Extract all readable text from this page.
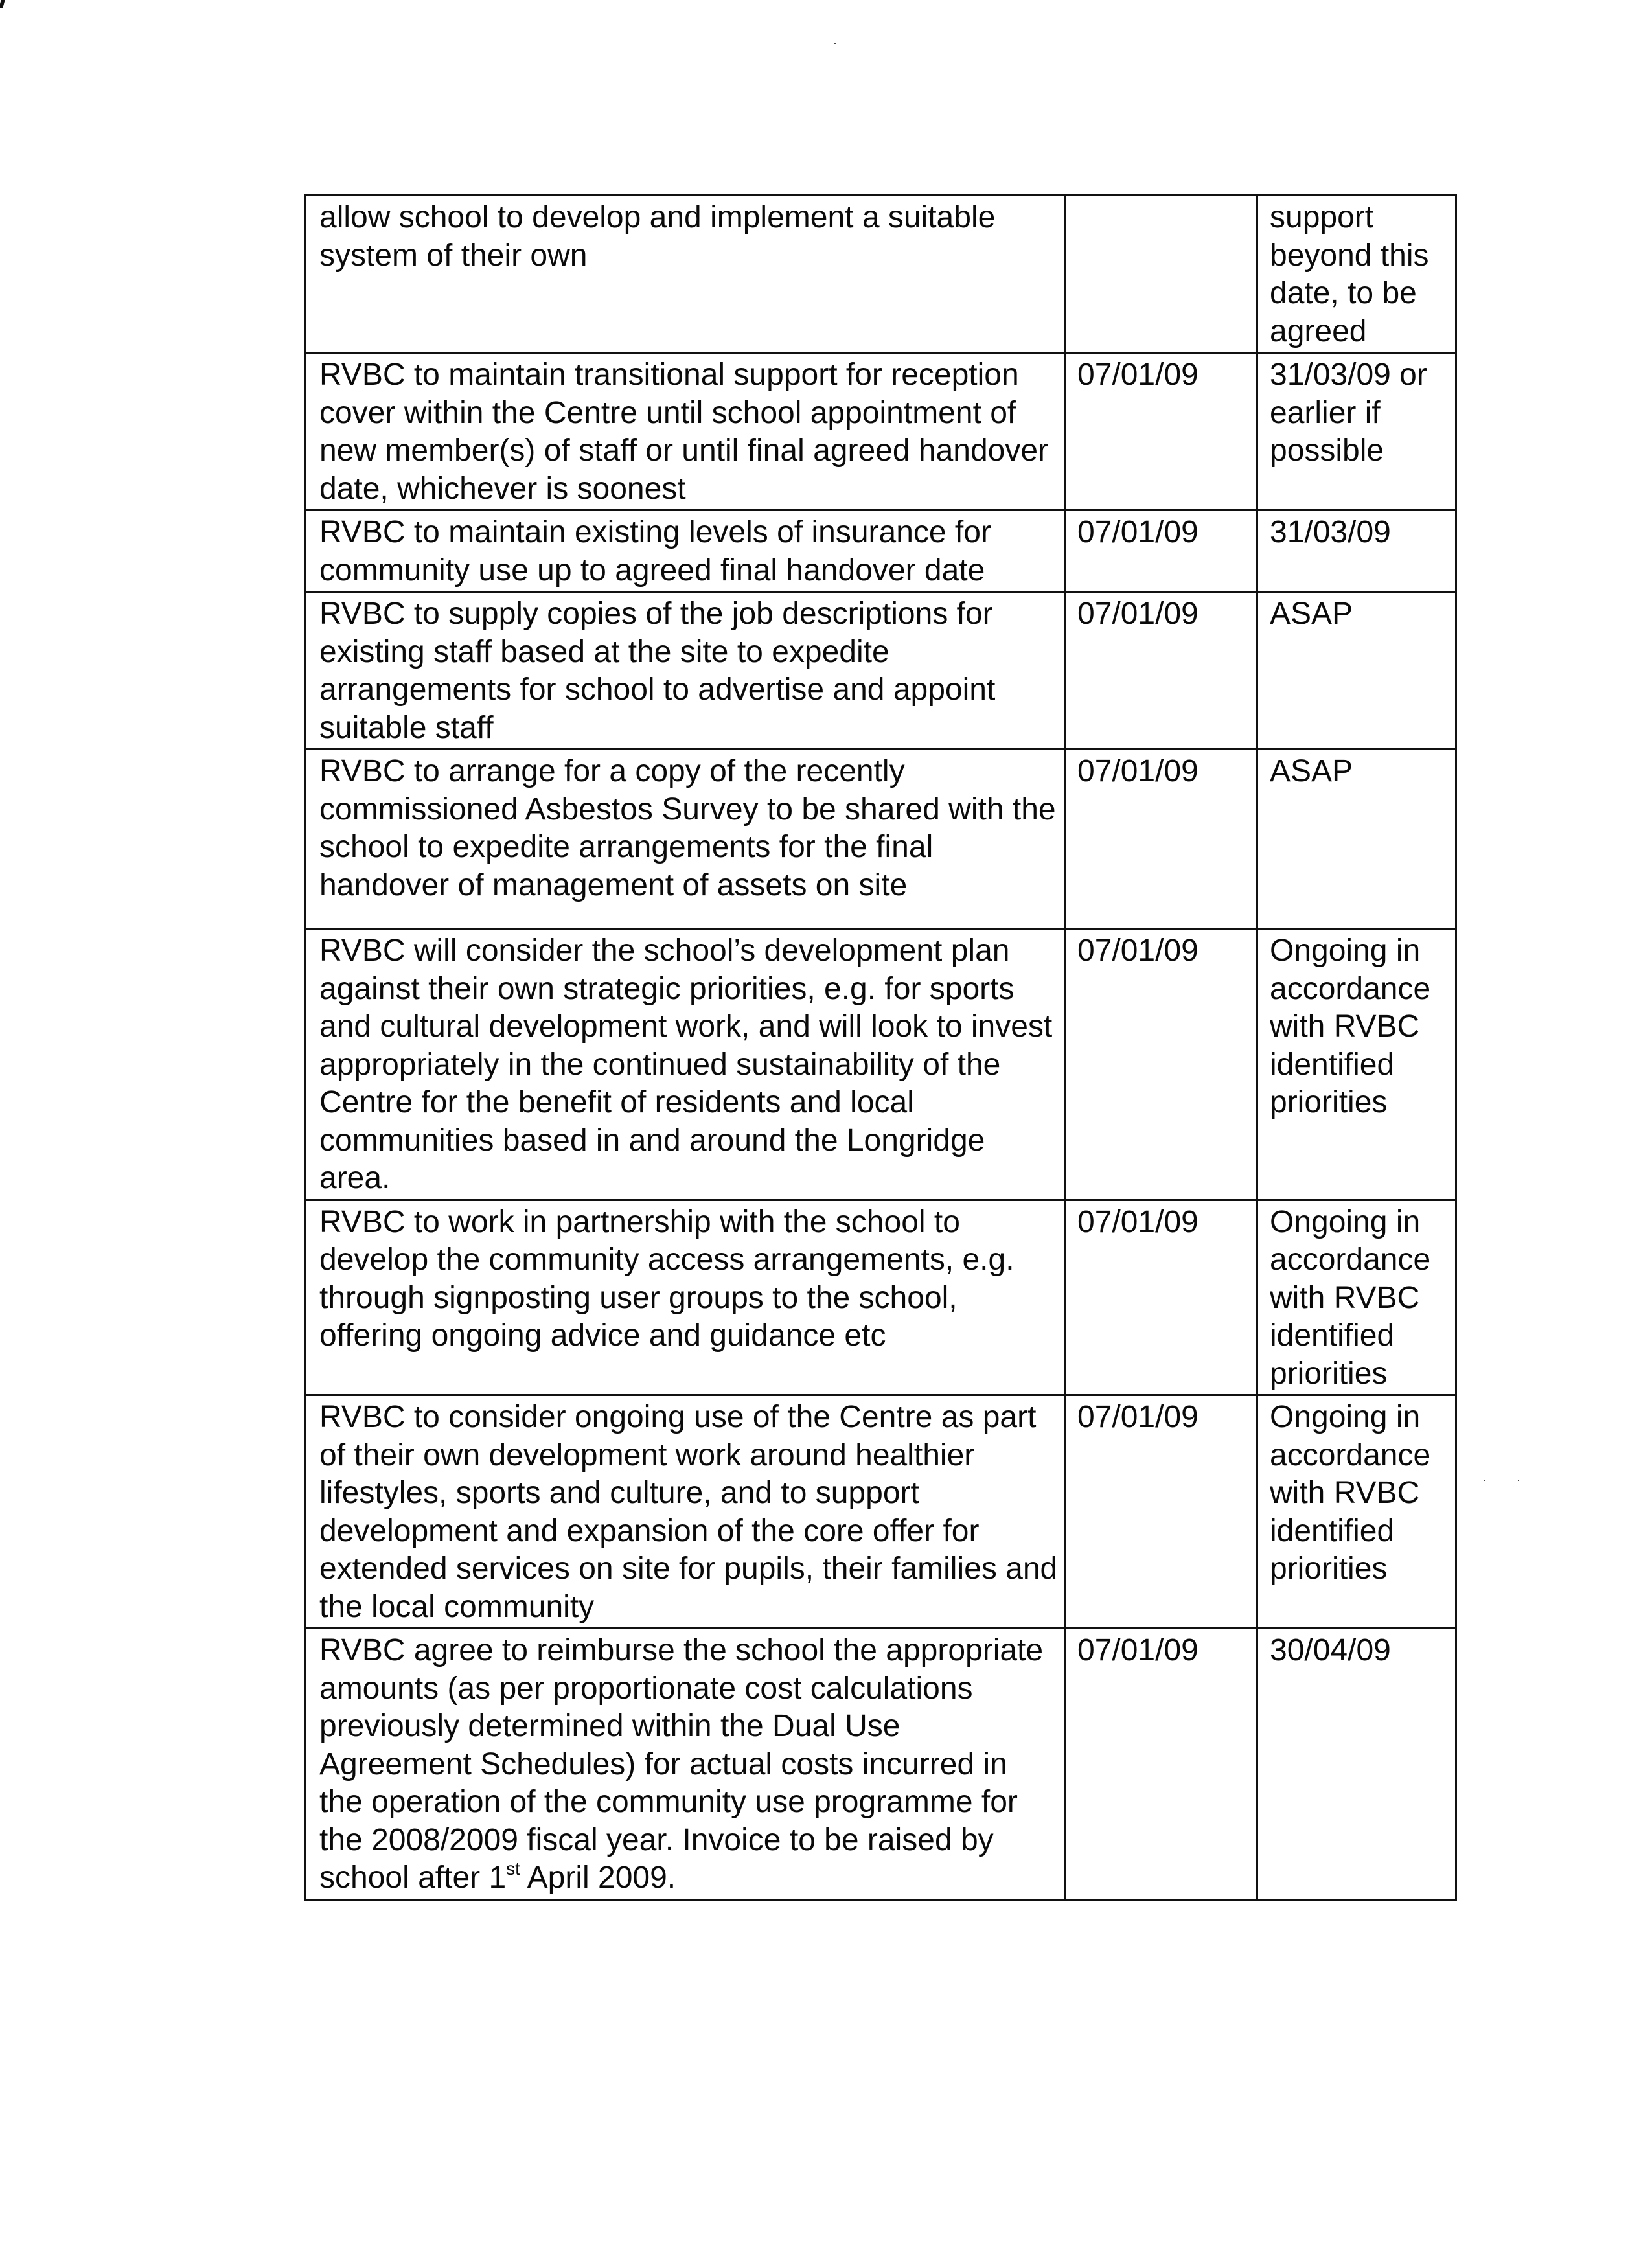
allow school to develop and implement a suitable system of their own		support beyond this date, to be agreed
RVBC to maintain transitional support for reception cover within the Centre until school appointment of new member(s) of staff or until final agreed handover date, whichever is soonest	07/01/09	31/03/09 or earlier if possible
RVBC to maintain existing levels of insurance for community use up to agreed final handover date	07/01/09	31/03/09
RVBC to supply copies of the job descriptions for existing staff based at the site to expedite arrangements for school to advertise and appoint suitable staff	07/01/09	ASAP
RVBC to arrange for a copy of the recently commissioned Asbestos Survey to be shared with the school to expedite arrangements for the final handover of management of assets on site	07/01/09	ASAP
RVBC will consider the school’s development plan against their own strategic priorities, e.g. for sports and cultural development work, and will look to invest appropriately in the continued sustainability of the Centre for the benefit of residents and local communities based in and around the Longridge area.	07/01/09	Ongoing in accordance with RVBC identified priorities
RVBC to work in partnership with the school to develop the community access arrangements, e.g. through signposting user groups to the school, offering ongoing advice and guidance etc	07/01/09	Ongoing in accordance with RVBC identified priorities
RVBC to consider ongoing use of the Centre as part of their own development work around healthier lifestyles, sports and culture, and to support development and expansion of the core offer for extended services on site for pupils, their families and the local community	07/01/09	Ongoing in accordance with RVBC identified priorities
RVBC agree to reimburse the school the appropriate amounts (as per proportionate cost calculations previously determined within the Dual Use Agreement Schedules) for actual costs incurred in the operation of the community use programme for the 2008/2009 fiscal year. Invoice to be raised by school after 1st April 2009.	07/01/09	30/04/09
